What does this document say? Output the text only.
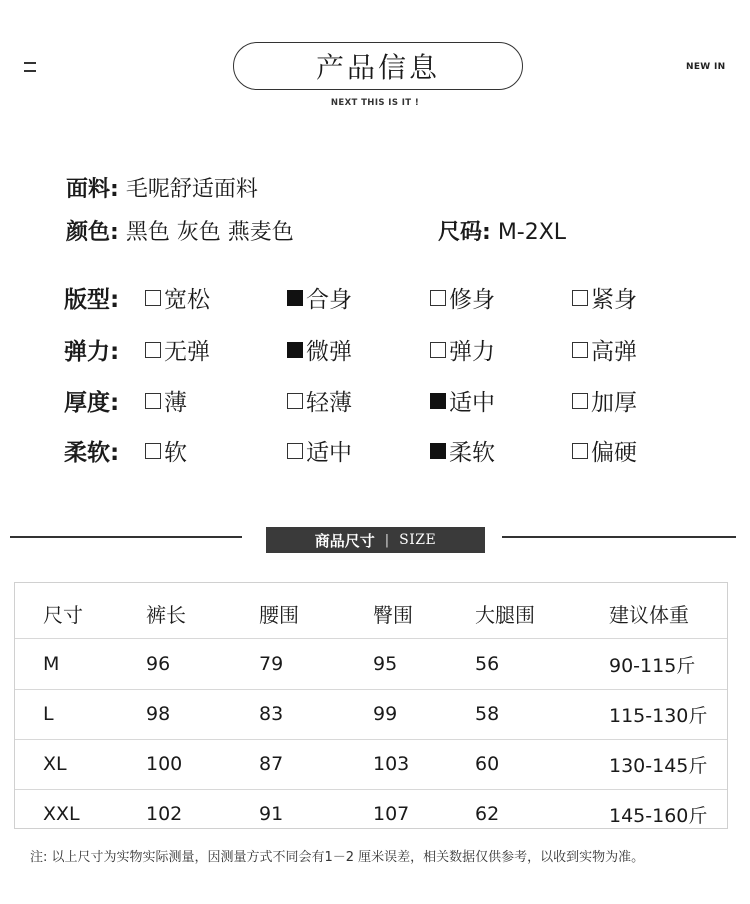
产品信息	NEW IN
NEXT THIS IS IT !
面料: 毛呢舒适面料
颜色: 黑色 灰色 燕麦色	尺码: M-2XL
版型: 宽松	合身	修身	紧身
弹力: 无弹	微弹	弹力	高弹
厚度: 薄	轻薄	适中	加厚
柔软: 软	适中	柔软	偏硬
商品尺寸 | SIZE
尺寸	裤长	腰围	臀围	大腿围	建议体重
M	96	79	95	56	90-115斤
L	98	83	99	58	115-130斤
XL	100	87	103	60	130-145斤
XXL	102	91	107	62	145-160斤
注: 以上尺寸为实物实际测量，因测量方式不同会有1－2 厘米误差，相关数据仅供参考，以收到实物为准。
